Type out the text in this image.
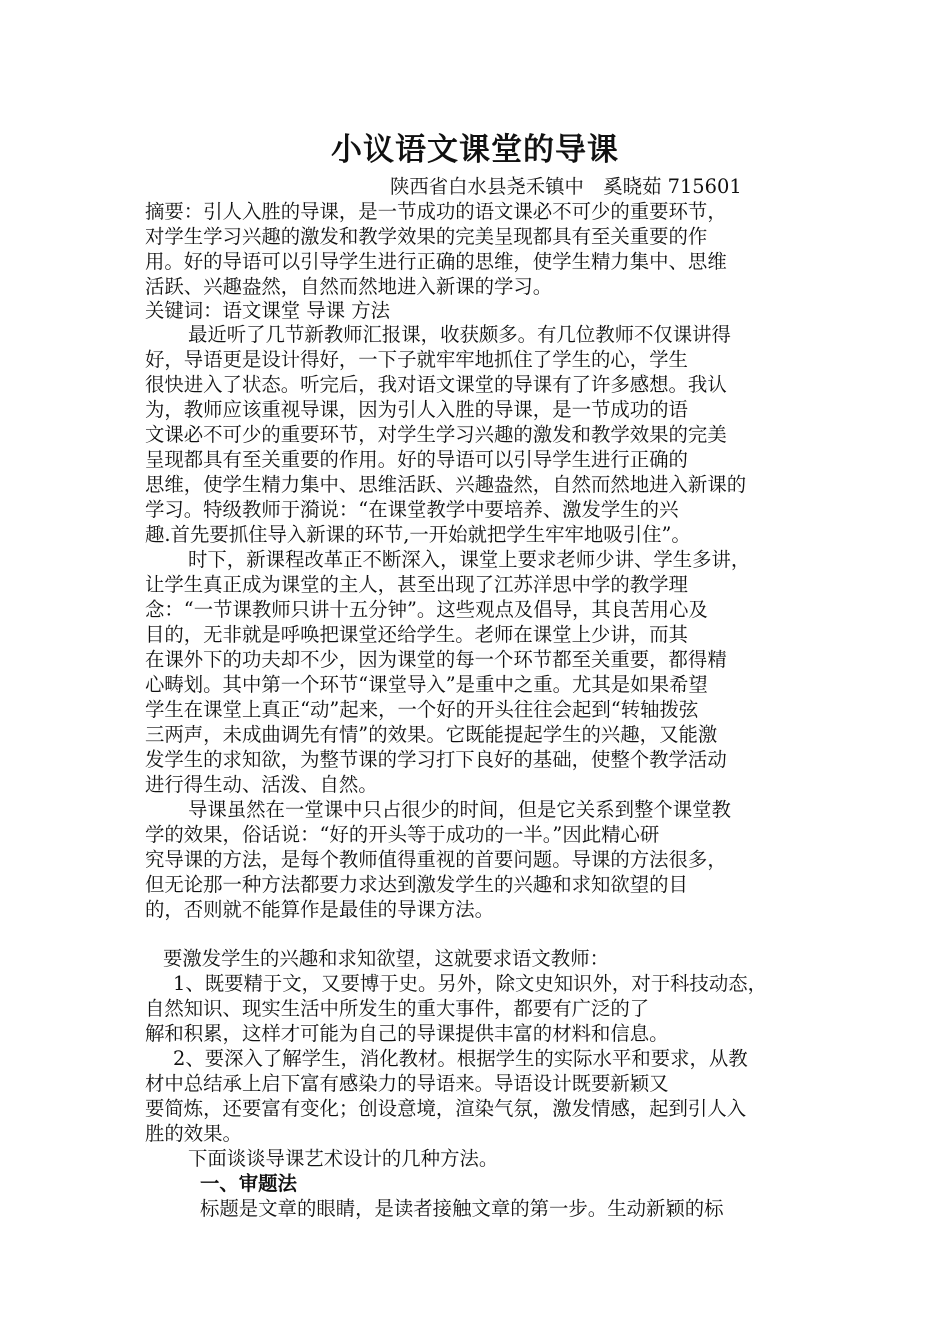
小议语文课堂的导课
陕西省白水县尧禾镇中　奚晓茹 715601
摘要：引人入胜的导课，是一节成功的语文课必不可少的重要环节，
对学生学习兴趣的激发和教学效果的完美呈现都具有至关重要的作
用。好的导语可以引导学生进行正确的思维，使学生精力集中、思维
活跃、兴趣盎然，自然而然地进入新课的学习。
关键词：语文课堂 导课 方法
最近听了几节新教师汇报课，收获颇多。有几位教师不仅课讲得
好，导语更是设计得好，一下子就牢牢地抓住了学生的心，学生
很快进入了状态。听完后，我对语文课堂的导课有了许多感想。我认
为，教师应该重视导课，因为引人入胜的导课，是一节成功的语
文课必不可少的重要环节，对学生学习兴趣的激发和教学效果的完美
呈现都具有至关重要的作用。好的导语可以引导学生进行正确的
思维，使学生精力集中、思维活跃、兴趣盎然，自然而然地进入新课的
学习。特级教师于漪说：“在课堂教学中要培养、激发学生的兴
趣.首先要抓住导入新课的环节,一开始就把学生牢牢地吸引住”。
时下，新课程改革正不断深入，课堂上要求老师少讲、学生多讲，
让学生真正成为课堂的主人，甚至出现了江苏洋思中学的教学理
念：“一节课教师只讲十五分钟”。这些观点及倡导，其良苦用心及
目的，无非就是呼唤把课堂还给学生。老师在课堂上少讲，而其
在课外下的功夫却不少，因为课堂的每一个环节都至关重要，都得精
心畴划。其中第一个环节“课堂导入”是重中之重。尤其是如果希望
学生在课堂上真正“动”起来，一个好的开头往往会起到“转轴拨弦
三两声，未成曲调先有情”的效果。它既能提起学生的兴趣，又能激
发学生的求知欲，为整节课的学习打下良好的基础，使整个教学活动
进行得生动、活泼、自然。
导课虽然在一堂课中只占很少的时间，但是它关系到整个课堂教
学的效果，俗话说：“好的开头等于成功的一半。”因此精心研
究导课的方法，是每个教师值得重视的首要问题。导课的方法很多，
但无论那一种方法都要力求达到激发学生的兴趣和求知欲望的目
的，否则就不能算作是最佳的导课方法。
要激发学生的兴趣和求知欲望，这就要求语文教师：
1、既要精于文，又要博于史。另外，除文史知识外，对于科技动态，
自然知识、现实生活中所发生的重大事件，都要有广泛的了
解和积累，这样才可能为自己的导课提供丰富的材料和信息。
2、要深入了解学生，消化教材。根据学生的实际水平和要求，从教
材中总结承上启下富有感染力的导语来。导语设计既要新颖又
要简炼，还要富有变化；创设意境，渲染气氛，激发情感，起到引人入
胜的效果。
下面谈谈导课艺术设计的几种方法。
一、审题法
标题是文章的眼睛，是读者接触文章的第一步。生动新颖的标
